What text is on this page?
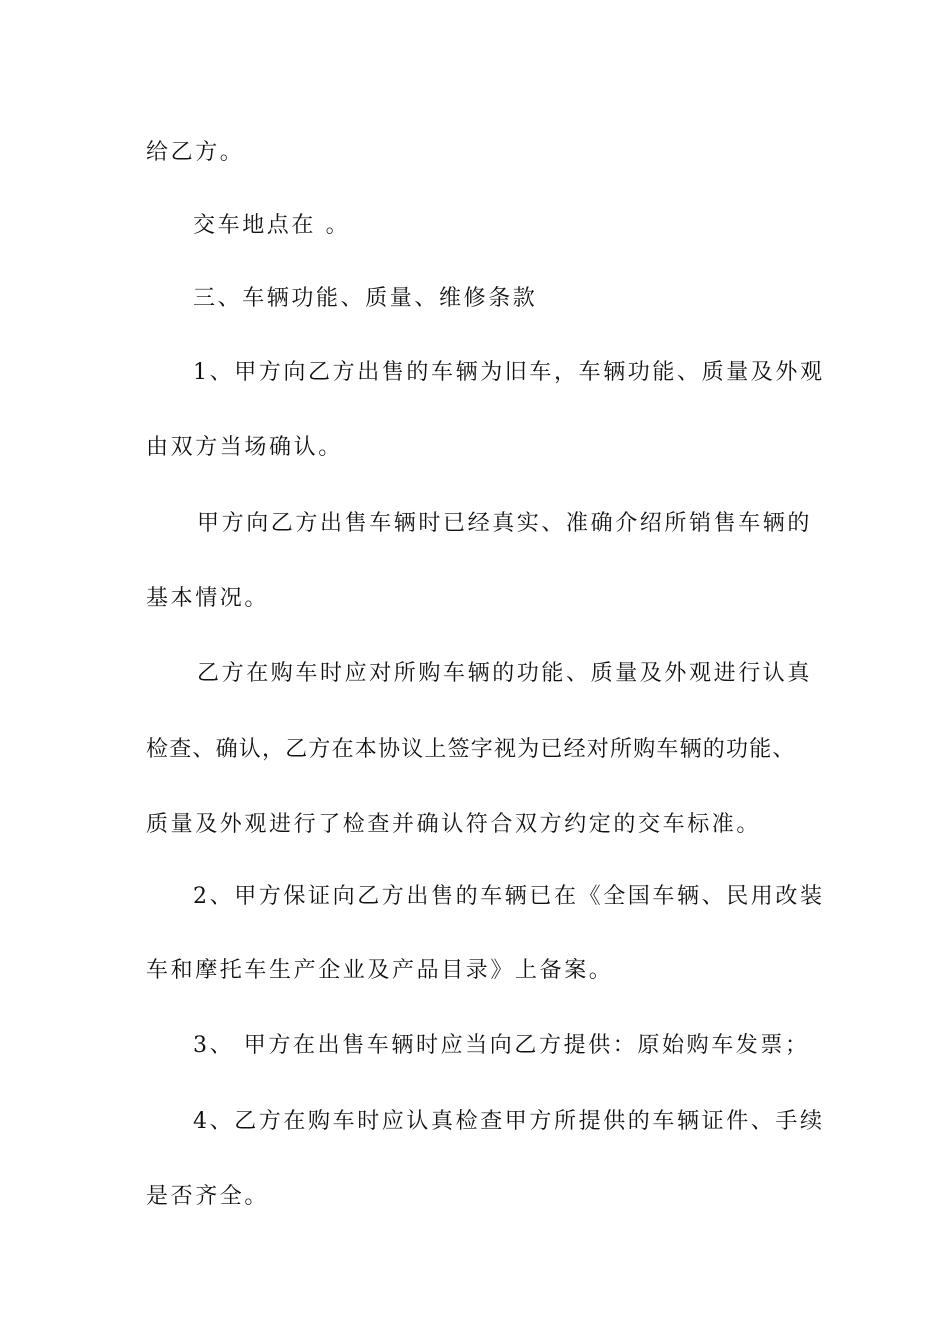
给乙方。
交车地点在 。
三、车辆功能、质量、维修条款
1、甲方向乙方出售的车辆为旧车，车辆功能、质量及外观
由双方当场确认。
甲方向乙方出售车辆时已经真实、准确介绍所销售车辆的
基本情况。
乙方在购车时应对所购车辆的功能、质量及外观进行认真
检查、确认，乙方在本协议上签字视为已经对所购车辆的功能、
质量及外观进行了检查并确认符合双方约定的交车标准。
2、甲方保证向乙方出售的车辆已在《全国车辆、民用改装
车和摩托车生产企业及产品目录》上备案。
3、 甲方在出售车辆时应当向乙方提供：原始购车发票；
4、乙方在购车时应认真检查甲方所提供的车辆证件、手续
是否齐全。
